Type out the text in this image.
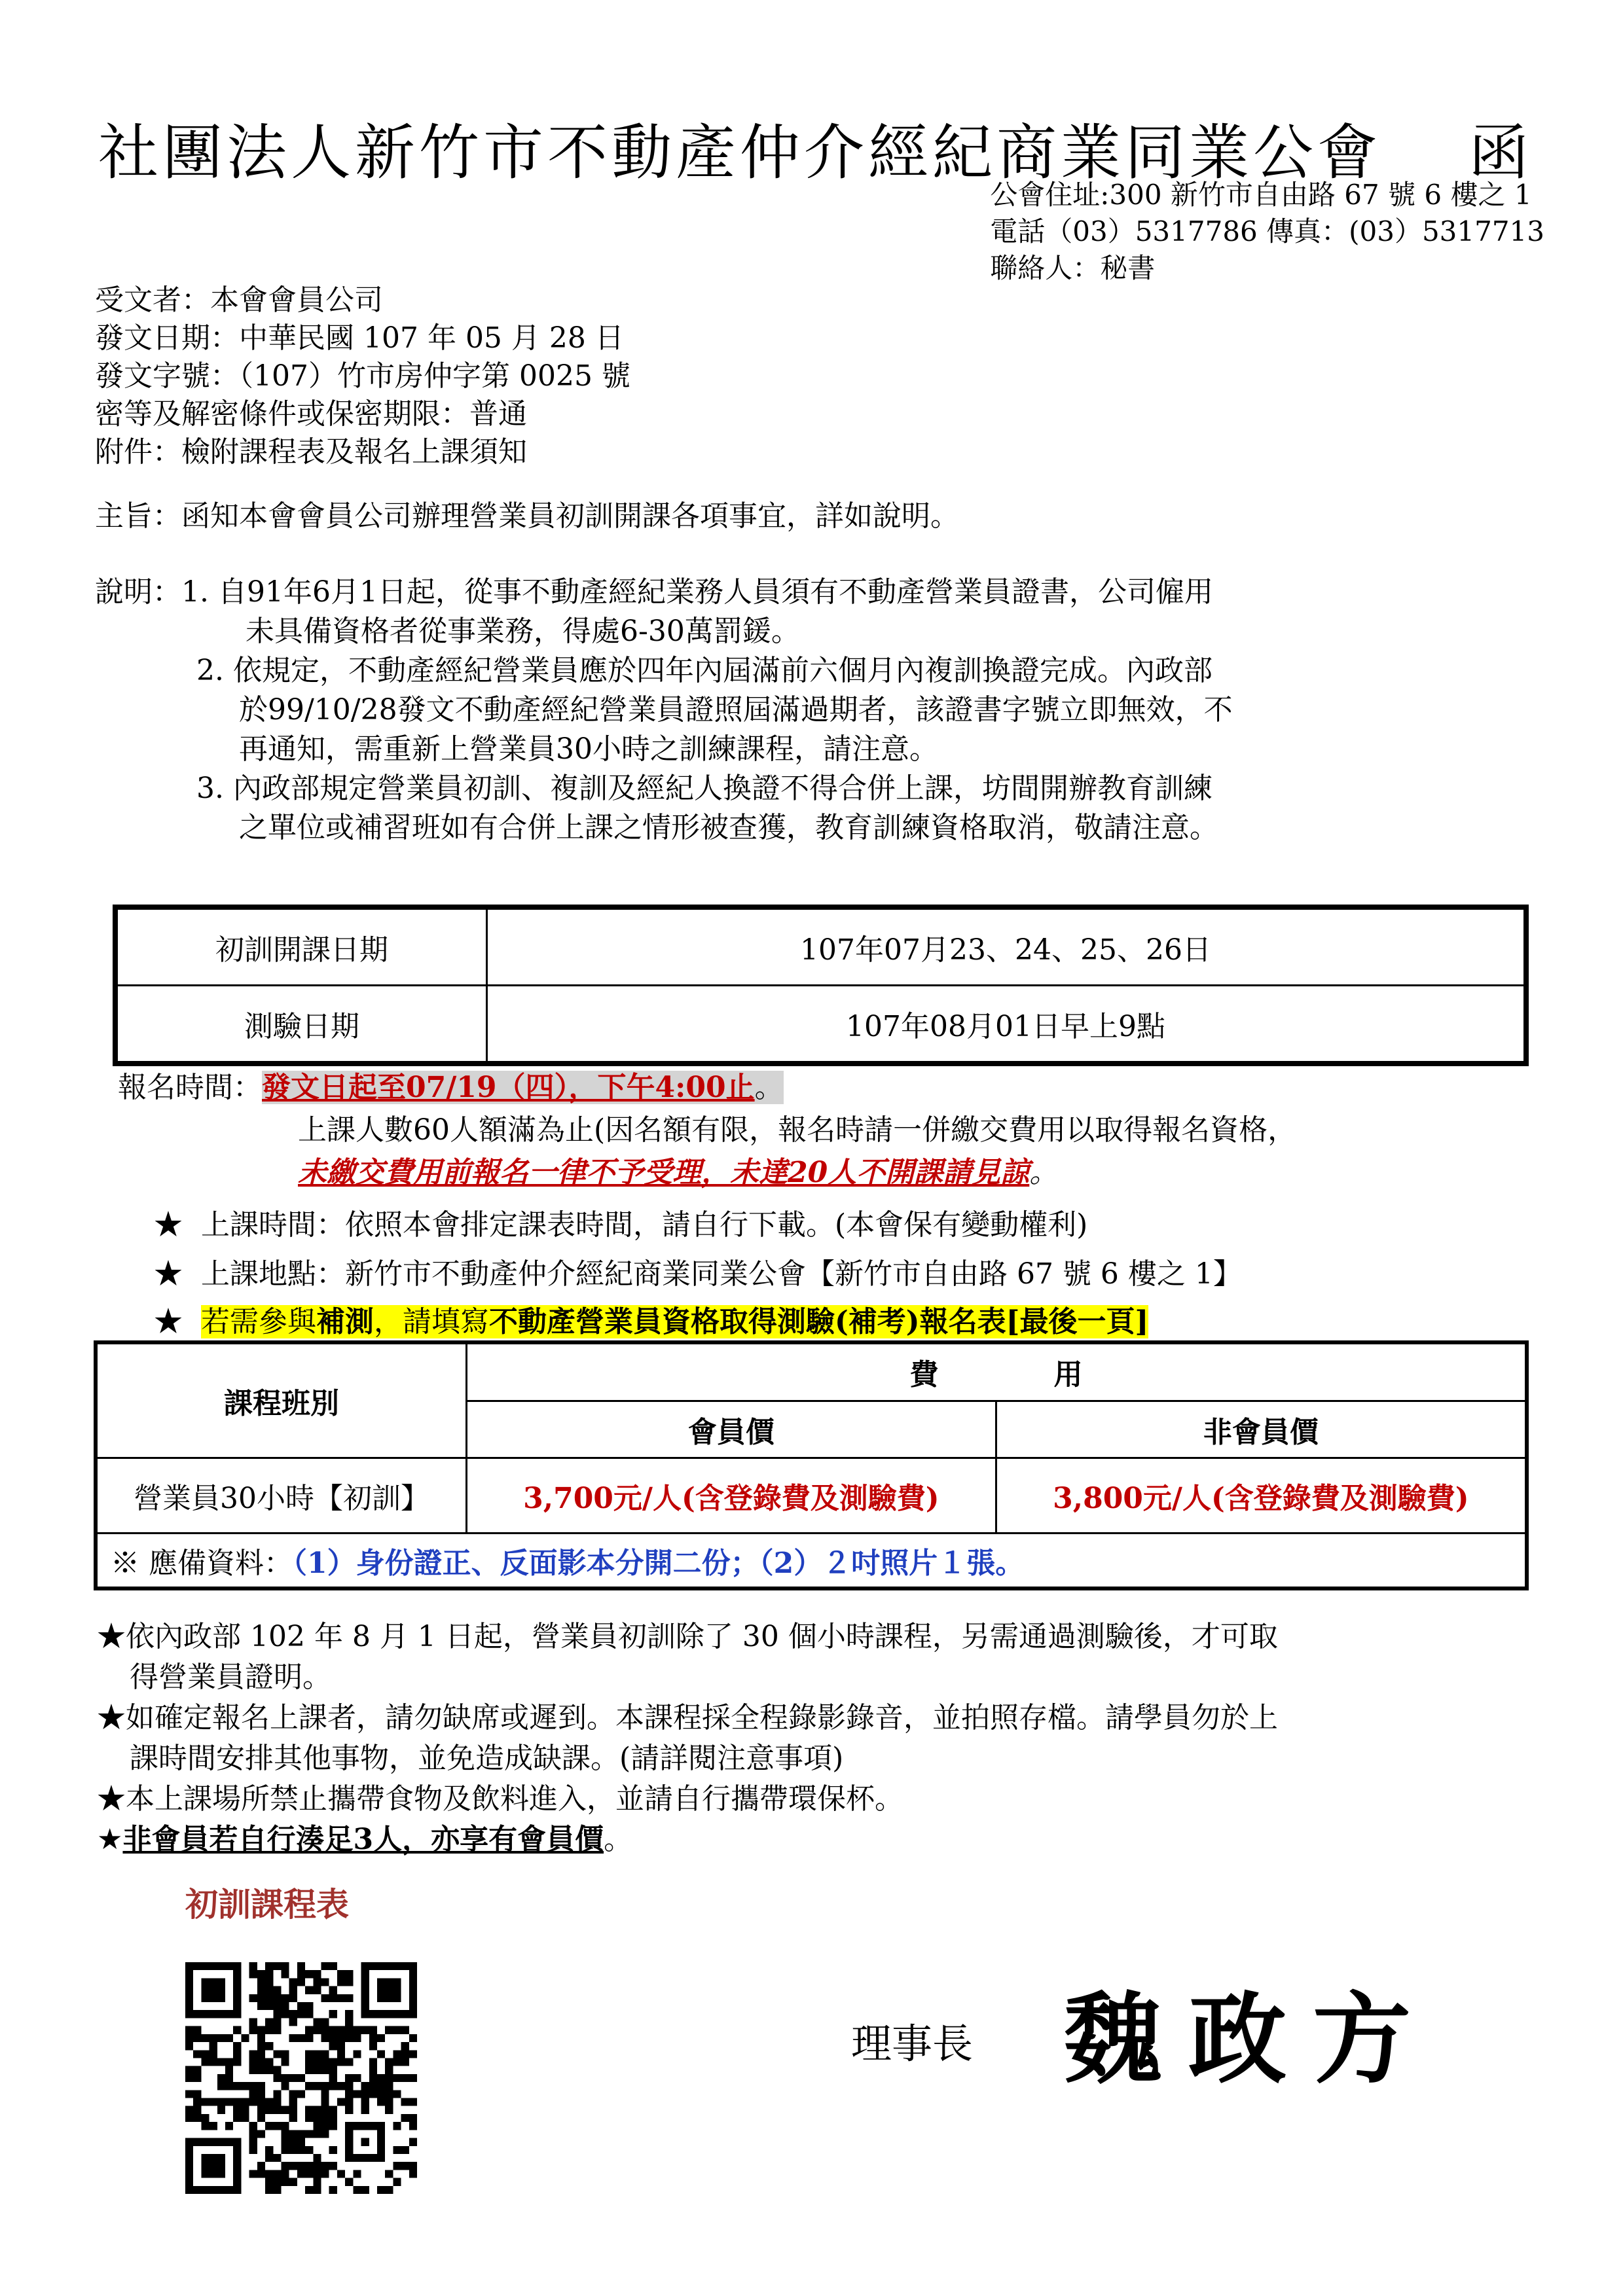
社團法人新竹市不動產仲介經紀商業同業公會　 函
公會住址:300 新竹市自由路 67 號 6 樓之 1
電話（03）5317786 傳真：(03）5317713
聯絡人：秘書
受文者：本會會員公司
發文日期：中華民國 107 年 05 月 28 日
發文字號：（107）竹市房仲字第 0025 號
密等及解密條件或保密期限：普通
附件：檢附課程表及報名上課須知
主旨：函知本會會員公司辦理營業員初訓開課各項事宜，詳如說明。
說明：1. 自91年6月1日起，從事不動產經紀業務人員須有不動產營業員證書，公司僱用
未具備資格者從事業務，得處6-30萬罰鍰。
2. 依規定，不動產經紀營業員應於四年內屆滿前六個月內複訓換證完成。內政部
於99/10/28發文不動產經紀營業員證照屆滿過期者，該證書字號立即無效，不
再通知，需重新上營業員30小時之訓練課程，請注意。
3. 內政部規定營業員初訓、複訓及經紀人換證不得合併上課，坊間開辦教育訓練
之單位或補習班如有合併上課之情形被查獲，教育訓練資格取消，敬請注意。
初訓開課日期	107年07月23、24、25、26日
測驗日期	107年08月01日早上9點
報名時間：發文日起至07/19（四），下午4:00止。
上課人數60人額滿為止(因名額有限，報名時請一併繳交費用以取得報名資格，
未繳交費用前報名一律不予受理，未達20人不開課請見諒。
★ 上課時間：依照本會排定課表時間，請自行下載。(本會保有變動權利)
★ 上課地點：新竹市不動產仲介經紀商業同業公會【新竹市自由路 67 號 6 樓之 1】
★ 若需參與補測，請填寫不動產營業員資格取得測驗(補考)報名表[最後一頁]
課程班別	費　　　　用	
	會員價	非會員價
營業員30小時【初訓】	3,700元/人(含登錄費及測驗費)	3,800元/人(含登錄費及測驗費)
※ 應備資料：（1）身份證正、反面影本分開二份；（2）２吋照片１張。		
★依內政部 102 年 8 月 1 日起，營業員初訓除了 30 個小時課程，另需通過測驗後，才可取
得營業員證明。
★如確定報名上課者，請勿缺席或遲到。本課程採全程錄影錄音，並拍照存檔。請學員勿於上
課時間安排其他事物，並免造成缺課。(請詳閱注意事項)
★本上課場所禁止攜帶食物及飲料進入，並請自行攜帶環保杯。
★非會員若自行湊足3人，亦享有會員價。
初訓課程表
理事長 魏政方
